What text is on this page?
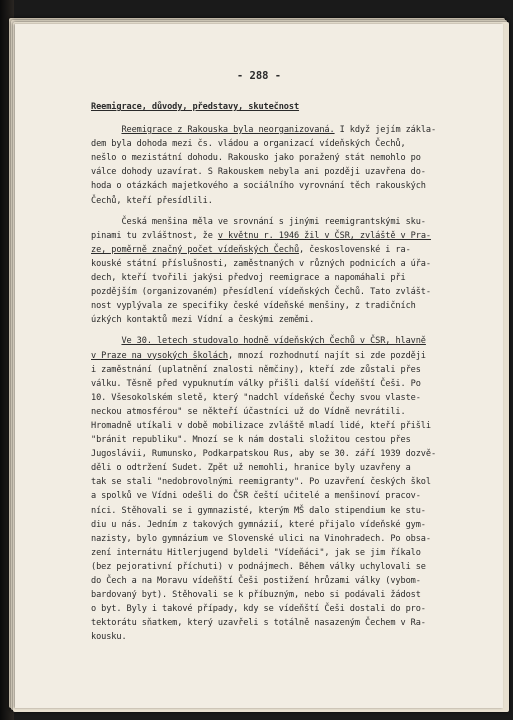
- 288 -
Reemigrace, důvody, představy, skutečnost
Reemigrace z Rakouska byla neorganizovaná. I když jejím zákla-
dem byla dohoda mezi čs. vládou a organizací vídeňských Čechů,
nešlo o mezistátní dohodu. Rakousko jako poražený stát nemohlo po
válce dohody uzavírat. S Rakouskem nebyla ani později uzavřena do-
hoda o otázkách majetkového a sociálního vyrovnání těch rakouských
Čechů, kteří přesídlili.
Česká menšina měla ve srovnání s jinými reemigrantskými sku-
pinami tu zvláštnost, že v květnu r. 1946 žil v ČSR, zvláště v Pra-
ze, poměrně značný počet vídeňských Čechů, československé i ra-
kouské státní příslušnosti, zaměstnaných v různých podnicích a úřa-
dech, kteří tvořili jakýsi předvoj reemigrace a napomáhali při
pozdějším (organizovaném) přesídlení vídeňských Čechů. Tato zvlášt-
nost vyplývala ze specifiky české vídeňské menšiny, z tradičních
úzkých kontaktů mezi Vídní a českými zeměmi.
Ve 30. letech studovalo hodně vídeňských Čechů v ČSR, hlavně
v Praze na vysokých školách, mnozí rozhodnutí najít si zde později
i zaměstnání (uplatnění znalosti němčiny), kteří zde zůstali přes
válku. Těsně před vypuknutím války přišli další vídeňští Češi. Po
10. Všesokolském sletě, který "nadchl vídeňské Čechy svou vlaste-
neckou atmosférou" se někteří účastníci už do Vídně nevrátili.
Hromadně utíkali v době mobilizace zvláště mladí lidé, kteří přišli
"bránit republiku". Mnozí se k nám dostali složitou cestou přes
Jugoslávii, Rumunsko, Podkarpatskou Rus, aby se 30. září 1939 dozvě-
děli o odtržení Sudet. Zpět už nemohli, hranice byly uzavřeny a
tak se stali "nedobrovolnými reemigranty". Po uzavření českých škol
a spolků ve Vídni odešli do ČSR čeští učitelé a menšinoví pracov-
níci. Stěhovali se i gymnazisté, kterým MŠ dalo stipendium ke stu-
diu u nás. Jedním z takových gymnázií, které přijalo vídeňské gym-
nazisty, bylo gymnázium ve Slovenské ulici na Vinohradech. Po obsa-
zení internátu Hitlerjugend byldeli "Vídeňáci", jak se jim říkalo
(bez pejorativní příchuti) v podnájmech. Během války uchylovali se
do Čech a na Moravu vídeňští Češi postižení hrůzami války (vybom-
bardovaný byt). Stěhovali se k příbuzným, nebo si podávali žádost
o byt. Byly i takové případy, kdy se vídeňští Češi dostali do pro-
tektorátu sňatkem, který uzavřeli s totálně nasazeným Čechem v Ra-
kousku.
